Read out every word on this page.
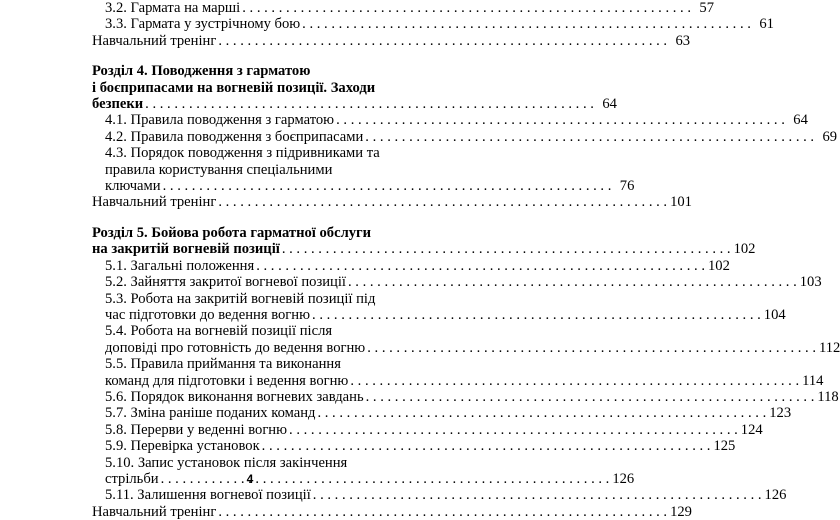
3.2. Гармата на марші . . .	57
3.3. Гармата у зустрічному бою . . .	61
Навчальний тренінг . . .	63
Розділ 4. Поводження з гарматою
і боєприпасами на вогневій позиції. Заходи
безпеки . . .	64
4.1. Правила поводження з гарматою . . .	64
4.2. Правила поводження з боєприпасами . . .	69
4.3. Порядок поводження з підривниками та
правила користування спеціальними
ключами . . .	76
Навчальний тренінг . . .	101
Розділ 5. Бойова робота гарматної обслуги
на закритій вогневій позиції . . .	102
5.1. Загальні положення . . .	102
5.2. Зайняття закритої вогневої позиції . . .	103
5.3. Робота на закритій вогневій позиції під
час підготовки до ведення вогню . . .	104
5.4. Робота на вогневій позиції після
доповіді про готовність до ведення вогню . . .	112
5.5. Правила приймання та виконання
команд для підготовки і ведення вогню . . .	114
5.6. Порядок виконання вогневих завдань . . .	118
5.7. Зміна раніше поданих команд . . .	123
5.8. Перерви у веденні вогню . . .	124
5.9. Перевірка установок . . .	125
5.10. Запис установок після закінчення
стрільби . . .	126
5.11. Залишення вогневої позиції . . .	126
Навчальний тренінг . . .	129
4
